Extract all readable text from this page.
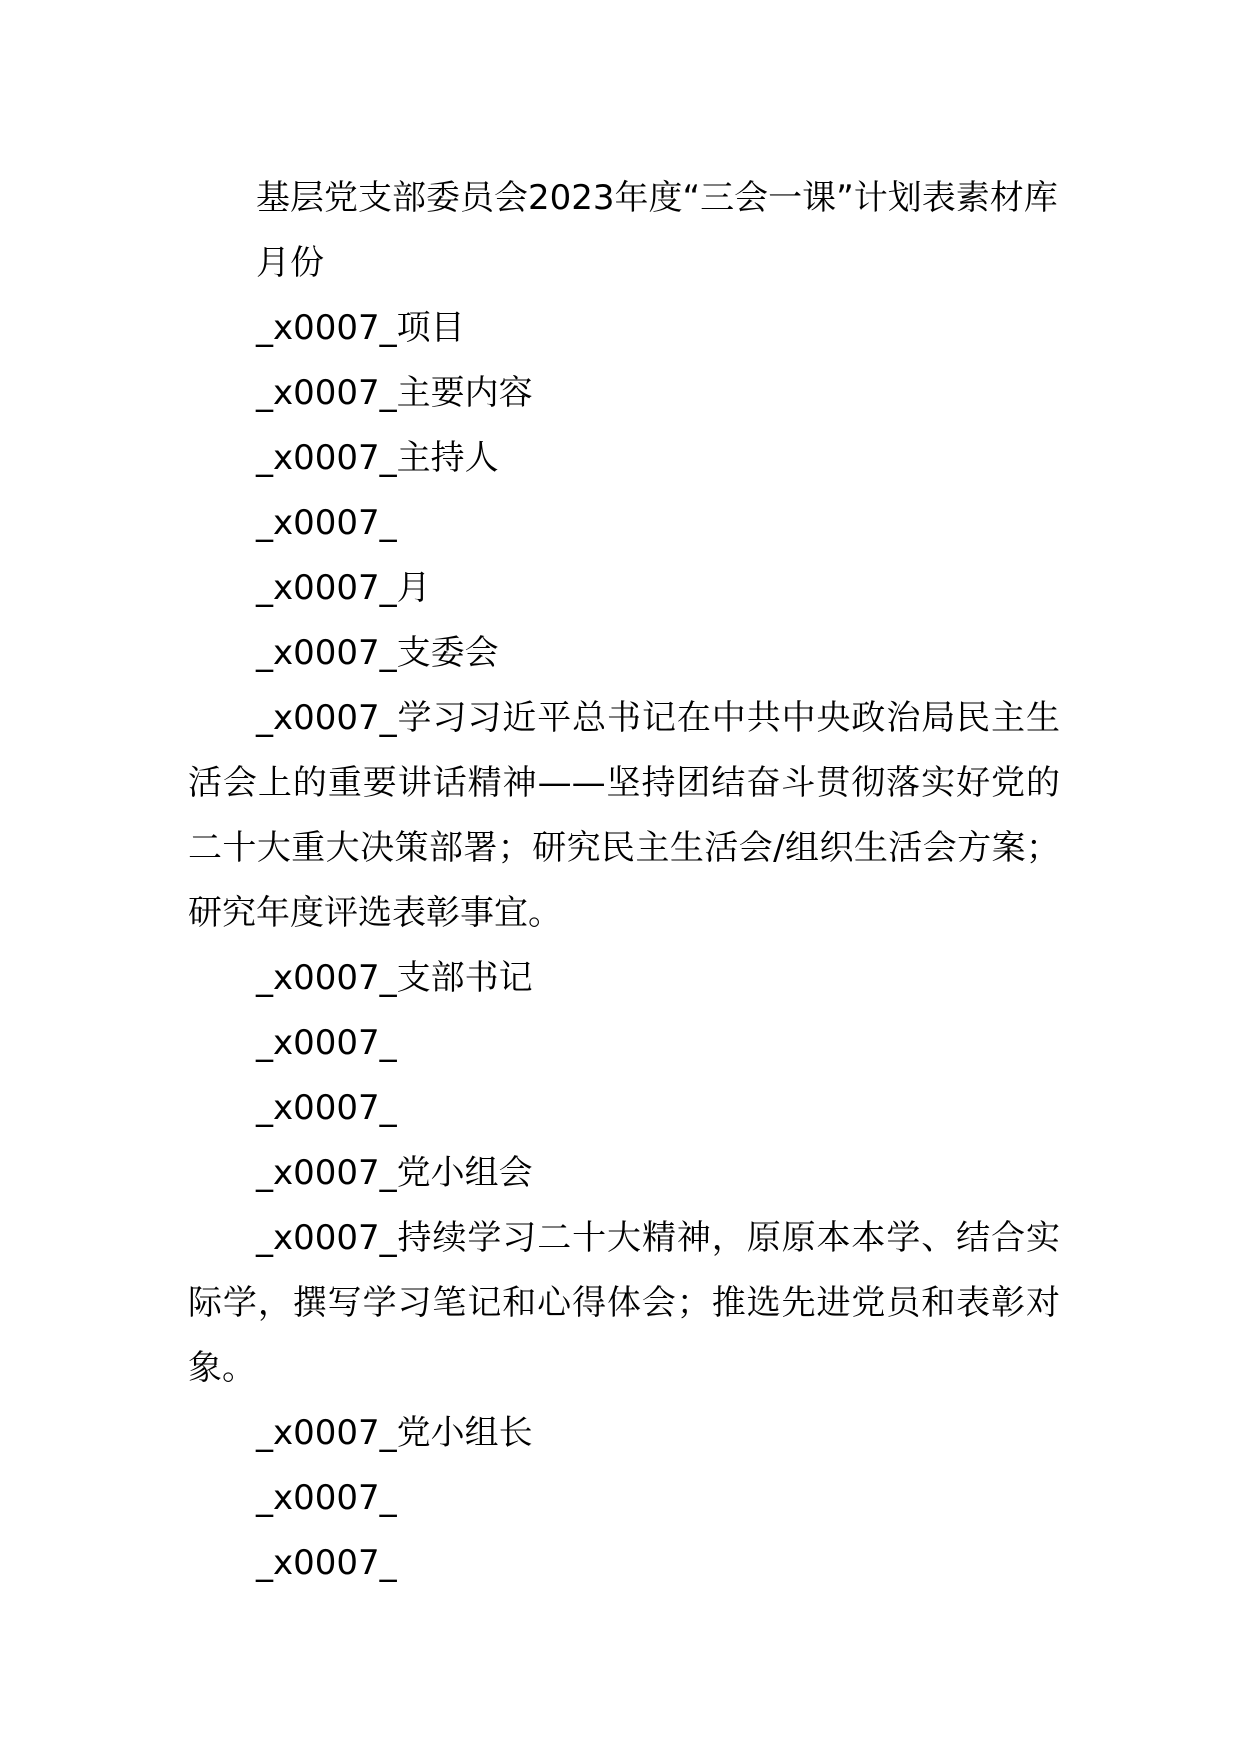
基层党支部委员会2023年度“三会一课”计划表素材库

月份

_x0007_项目

_x0007_主要内容

_x0007_主持人

_x0007_

_x0007_月

_x0007_支委会

_x0007_学习习近平总书记在中共中央政治局民主生活会上的重要讲话精神——坚持团结奋斗贯彻落实好党的二十大重大决策部署；研究民主生活会/组织生活会方案；研究年度评选表彰事宜。

_x0007_支部书记

_x0007_

_x0007_

_x0007_党小组会

_x0007_持续学习二十大精神，原原本本学、结合实际学，撰写学习笔记和心得体会；推选先进党员和表彰对象。

_x0007_党小组长

_x0007_

_x0007_
